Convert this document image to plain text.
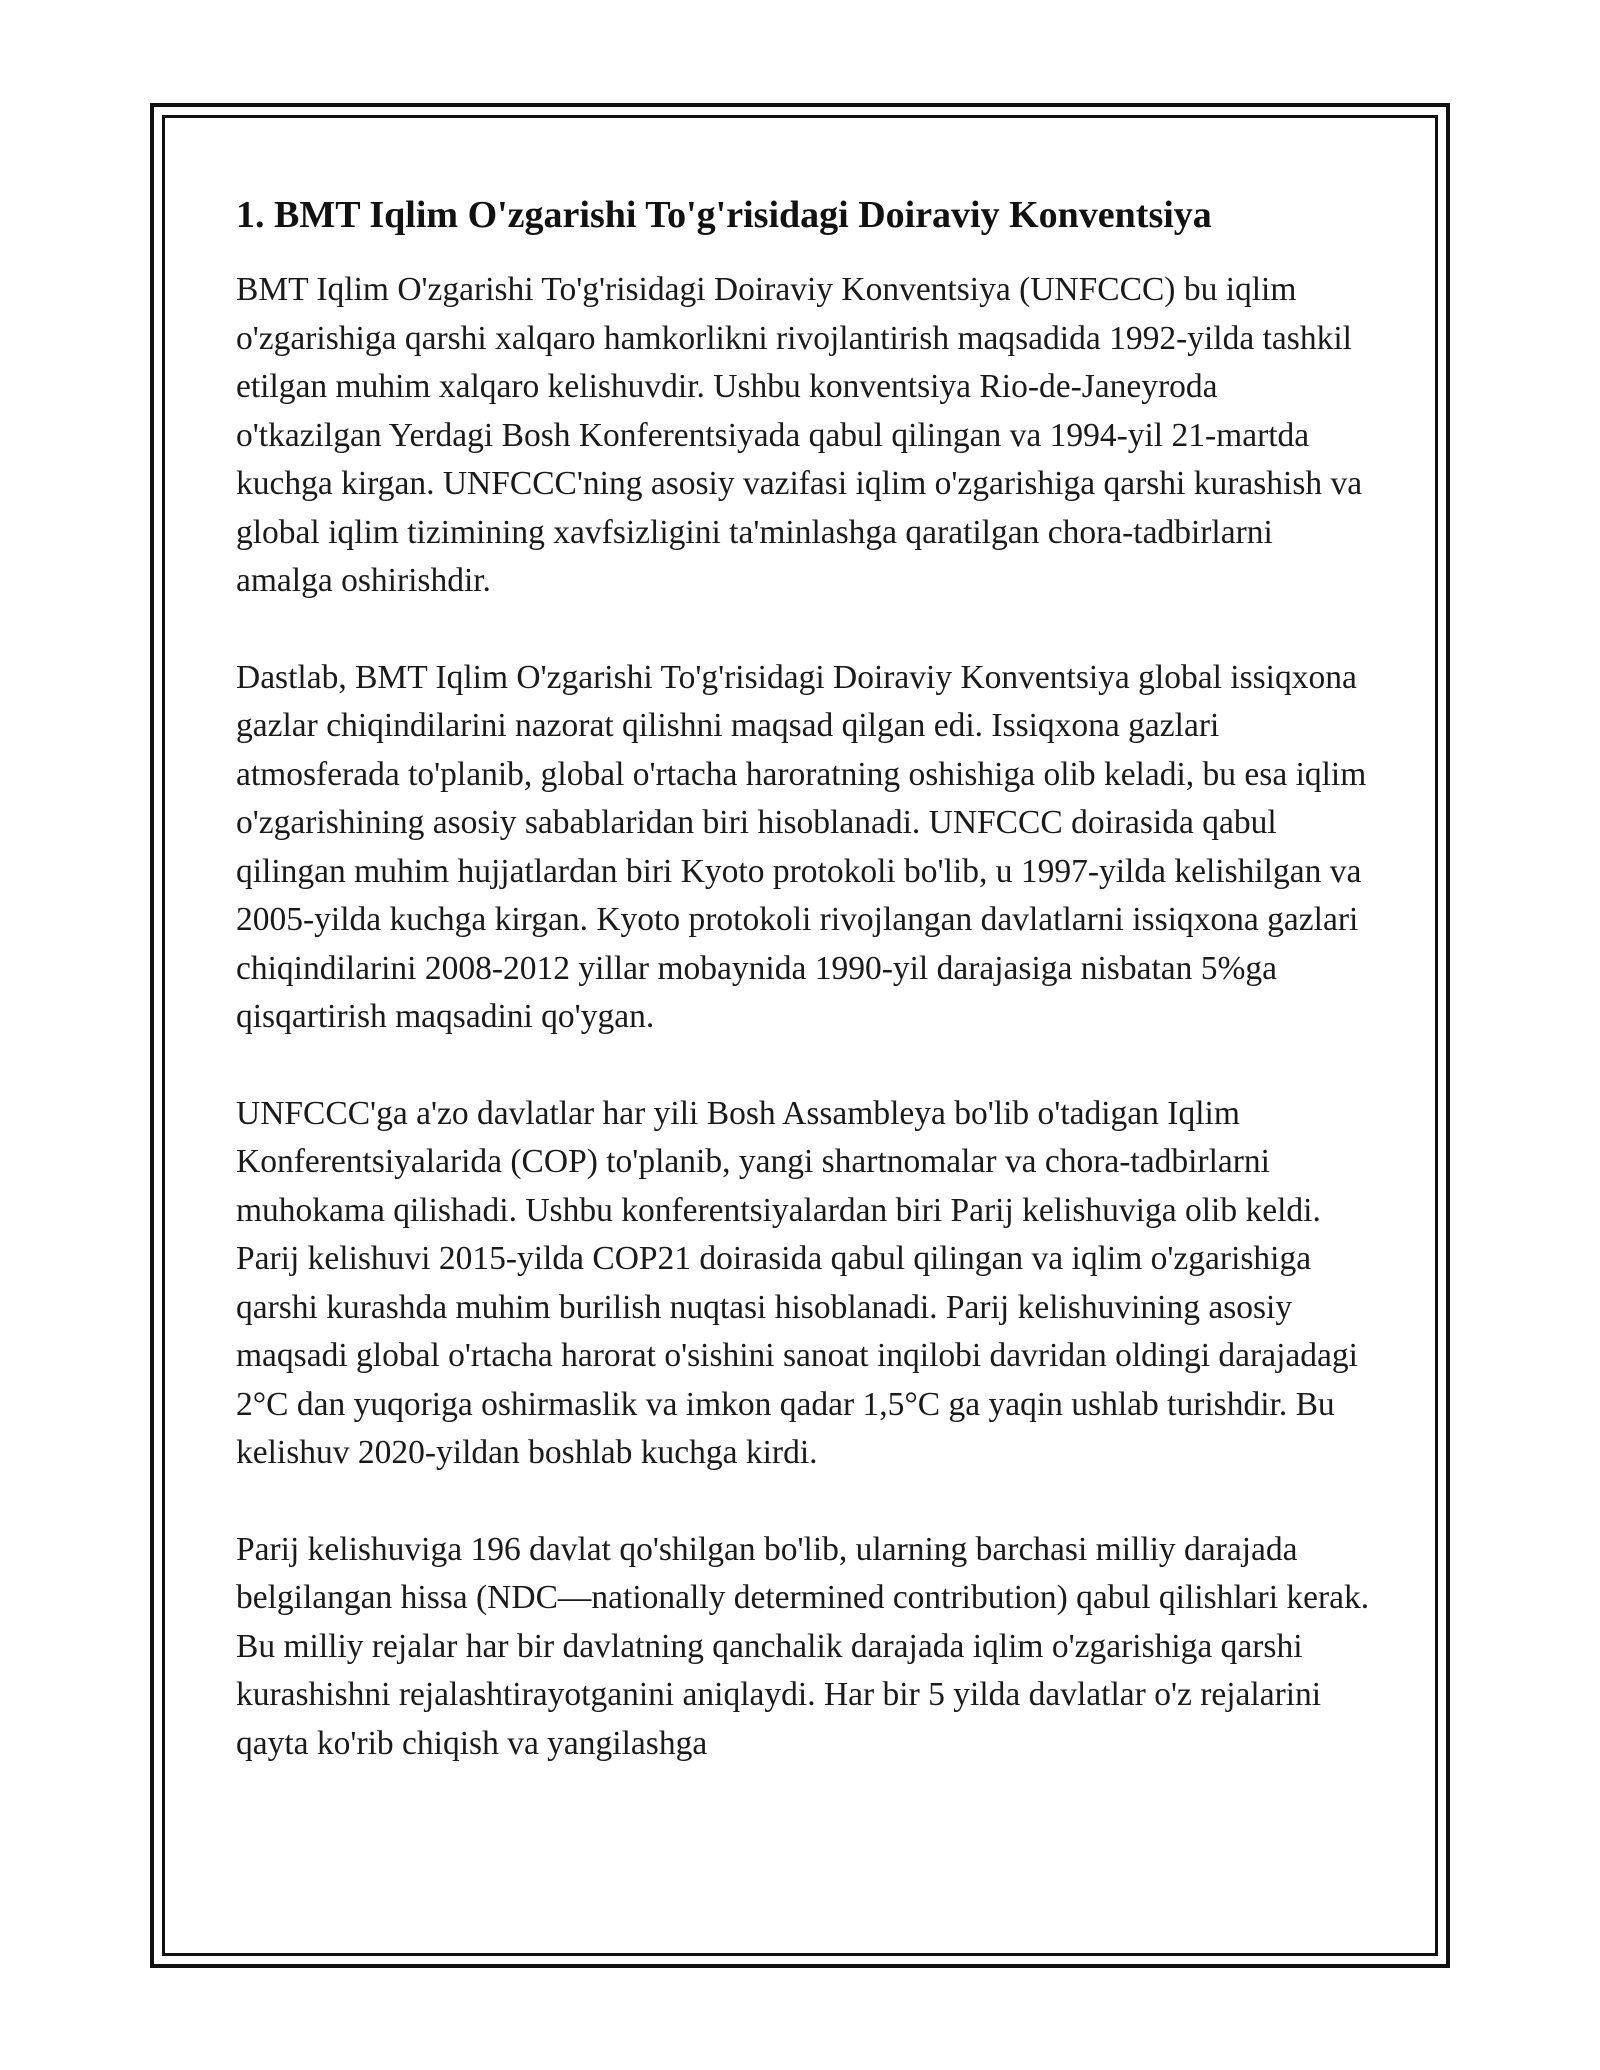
1. BMT Iqlim O'zgarishi To'g'risidagi Doiraviy Konventsiya

BMT Iqlim O'zgarishi To'g'risidagi Doiraviy Konventsiya (UNFCCC) bu iqlim o'zgarishiga qarshi xalqaro hamkorlikni rivojlantirish maqsadida 1992-yilda tashkil etilgan muhim xalqaro kelishuvdir. Ushbu konventsiya Rio-de-Janeyroda o'tkazilgan Yerdagi Bosh Konferentsiyada qabul qilingan va 1994-yil 21-martda kuchga kirgan. UNFCCC'ning asosiy vazifasi iqlim o'zgarishiga qarshi kurashish va global iqlim tizimining xavfsizligini ta'minlashga qaratilgan chora-tadbirlarni amalga oshirishdir.

Dastlab, BMT Iqlim O'zgarishi To'g'risidagi Doiraviy Konventsiya global issiqxona gazlar chiqindilarini nazorat qilishni maqsad qilgan edi. Issiqxona gazlari atmosferada to'planib, global o'rtacha haroratning oshishiga olib keladi, bu esa iqlim o'zgarishining asosiy sabablaridan biri hisoblanadi. UNFCCC doirasida qabul qilingan muhim hujjatlardan biri Kyoto protokoli bo'lib, u 1997-yilda kelishilgan va 2005-yilda kuchga kirgan. Kyoto protokoli rivojlangan davlatlarni issiqxona gazlari chiqindilarini 2008-2012 yillar mobaynida 1990-yil darajasiga nisbatan 5%ga qisqartirish maqsadini qo'ygan.

UNFCCC'ga a'zo davlatlar har yili Bosh Assambleya bo'lib o'tadigan Iqlim Konferentsiyalarida (COP) to'planib, yangi shartnomalar va chora-tadbirlarni muhokama qilishadi. Ushbu konferentsiyalardan biri Parij kelishuviga olib keldi. Parij kelishuvi 2015-yilda COP21 doirasida qabul qilingan va iqlim o'zgarishiga qarshi kurashda muhim burilish nuqtasi hisoblanadi. Parij kelishuvining asosiy maqsadi global o'rtacha harorat o'sishini sanoat inqilobi davridan oldingi darajadagi 2°C dan yuqoriga oshirmaslik va imkon qadar 1,5°C ga yaqin ushlab turishdir. Bu kelishuv 2020-yildan boshlab kuchga kirdi.

Parij kelishuviga 196 davlat qo'shilgan bo'lib, ularning barchasi milliy darajada belgilangan hissa (NDC—nationally determined contribution) qabul qilishlari kerak. Bu milliy rejalar har bir davlatning qanchalik darajada iqlim o'zgarishiga qarshi kurashishni rejalashtirayotganini aniqlaydi. Har bir 5 yilda davlatlar o'z rejalarini qayta ko'rib chiqish va yangilashga
